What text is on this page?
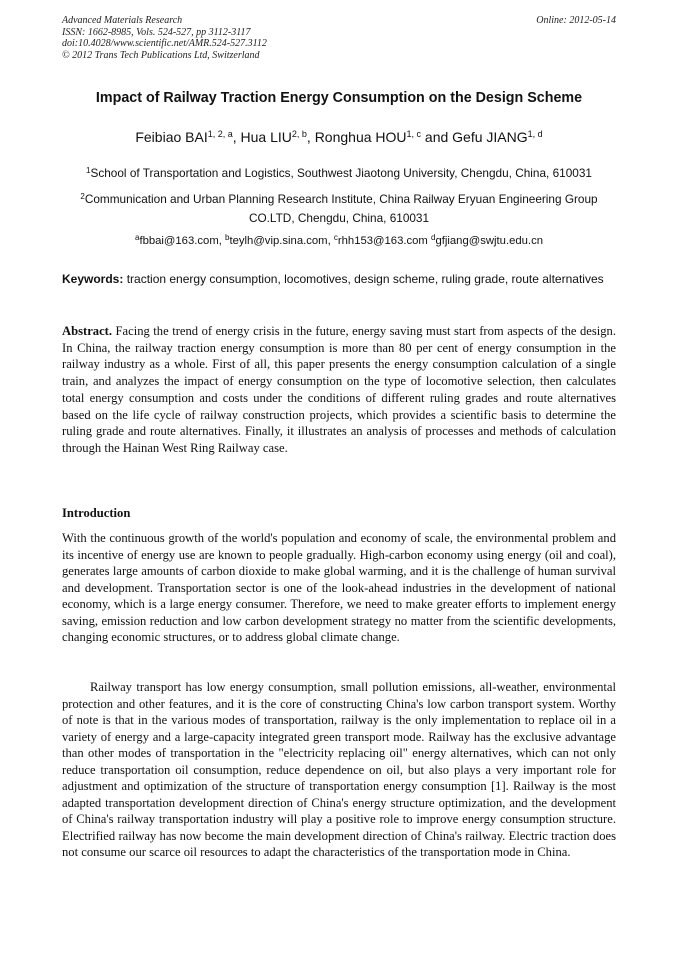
Advanced Materials Research
ISSN: 1662-8985, Vols. 524-527, pp 3112-3117
doi:10.4028/www.scientific.net/AMR.524-527.3112
© 2012 Trans Tech Publications Ltd, Switzerland
Online: 2012-05-14
Impact of Railway Traction Energy Consumption on the Design Scheme
Feibiao BAI$^{1, 2, a}$, Hua LIU$^{2, b}$, Ronghua HOU$^{1, c}$ and Gefu JIANG$^{1, d}$
$^1$School of Transportation and Logistics, Southwest Jiaotong University, Chengdu, China, 610031
$^2$Communication and Urban Planning Research Institute, China Railway Eryuan Engineering Group CO.LTD, Chengdu, China, 610031
$^a$fbbai@163.com, $^b$teylh@vip.sina.com, $^c$rhh153@163.com $^d$gfjiang@swjtu.edu.cn
Keywords: traction energy consumption, locomotives, design scheme, ruling grade, route alternatives
Abstract. Facing the trend of energy crisis in the future, energy saving must start from aspects of the design. In China, the railway traction energy consumption is more than 80 per cent of energy consumption in the railway industry as a whole. First of all, this paper presents the energy consumption calculation of a single train, and analyzes the impact of energy consumption on the type of locomotive selection, then calculates total energy consumption and costs under the conditions of different ruling grades and route alternatives based on the life cycle of railway construction projects, which provides a scientific basis to determine the ruling grade and route alternatives. Finally, it illustrates an analysis of processes and methods of calculation through the Hainan West Ring Railway case.
Introduction
With the continuous growth of the world's population and economy of scale, the environmental problem and its incentive of energy use are known to people gradually. High-carbon economy using energy (oil and coal), generates large amounts of carbon dioxide to make global warming, and it is the challenge of human survival and development. Transportation sector is one of the look-ahead industries in the development of national economy, which is a large energy consumer. Therefore, we need to make greater efforts to implement energy saving, emission reduction and low carbon development strategy no matter from the scientific developments, changing economic structures, or to address global climate change.
Railway transport has low energy consumption, small pollution emissions, all-weather, environmental protection and other features, and it is the core of constructing China's low carbon transport system. Worthy of note is that in the various modes of transportation, railway is the only implementation to replace oil in a variety of energy and a large-capacity integrated green transport mode. Railway has the exclusive advantage than other modes of transportation in the "electricity replacing oil" energy alternatives, which can not only reduce transportation oil consumption, reduce dependence on oil, but also plays a very important role for adjustment and optimization of the structure of transportation energy consumption [1]. Railway is the most adapted transportation development direction of China's energy structure optimization, and the development of China's railway transportation industry will play a positive role to improve energy consumption structure. Electrified railway has now become the main development direction of China's railway. Electric traction does not consume our scarce oil resources to adapt the characteristics of the transportation mode in China.
